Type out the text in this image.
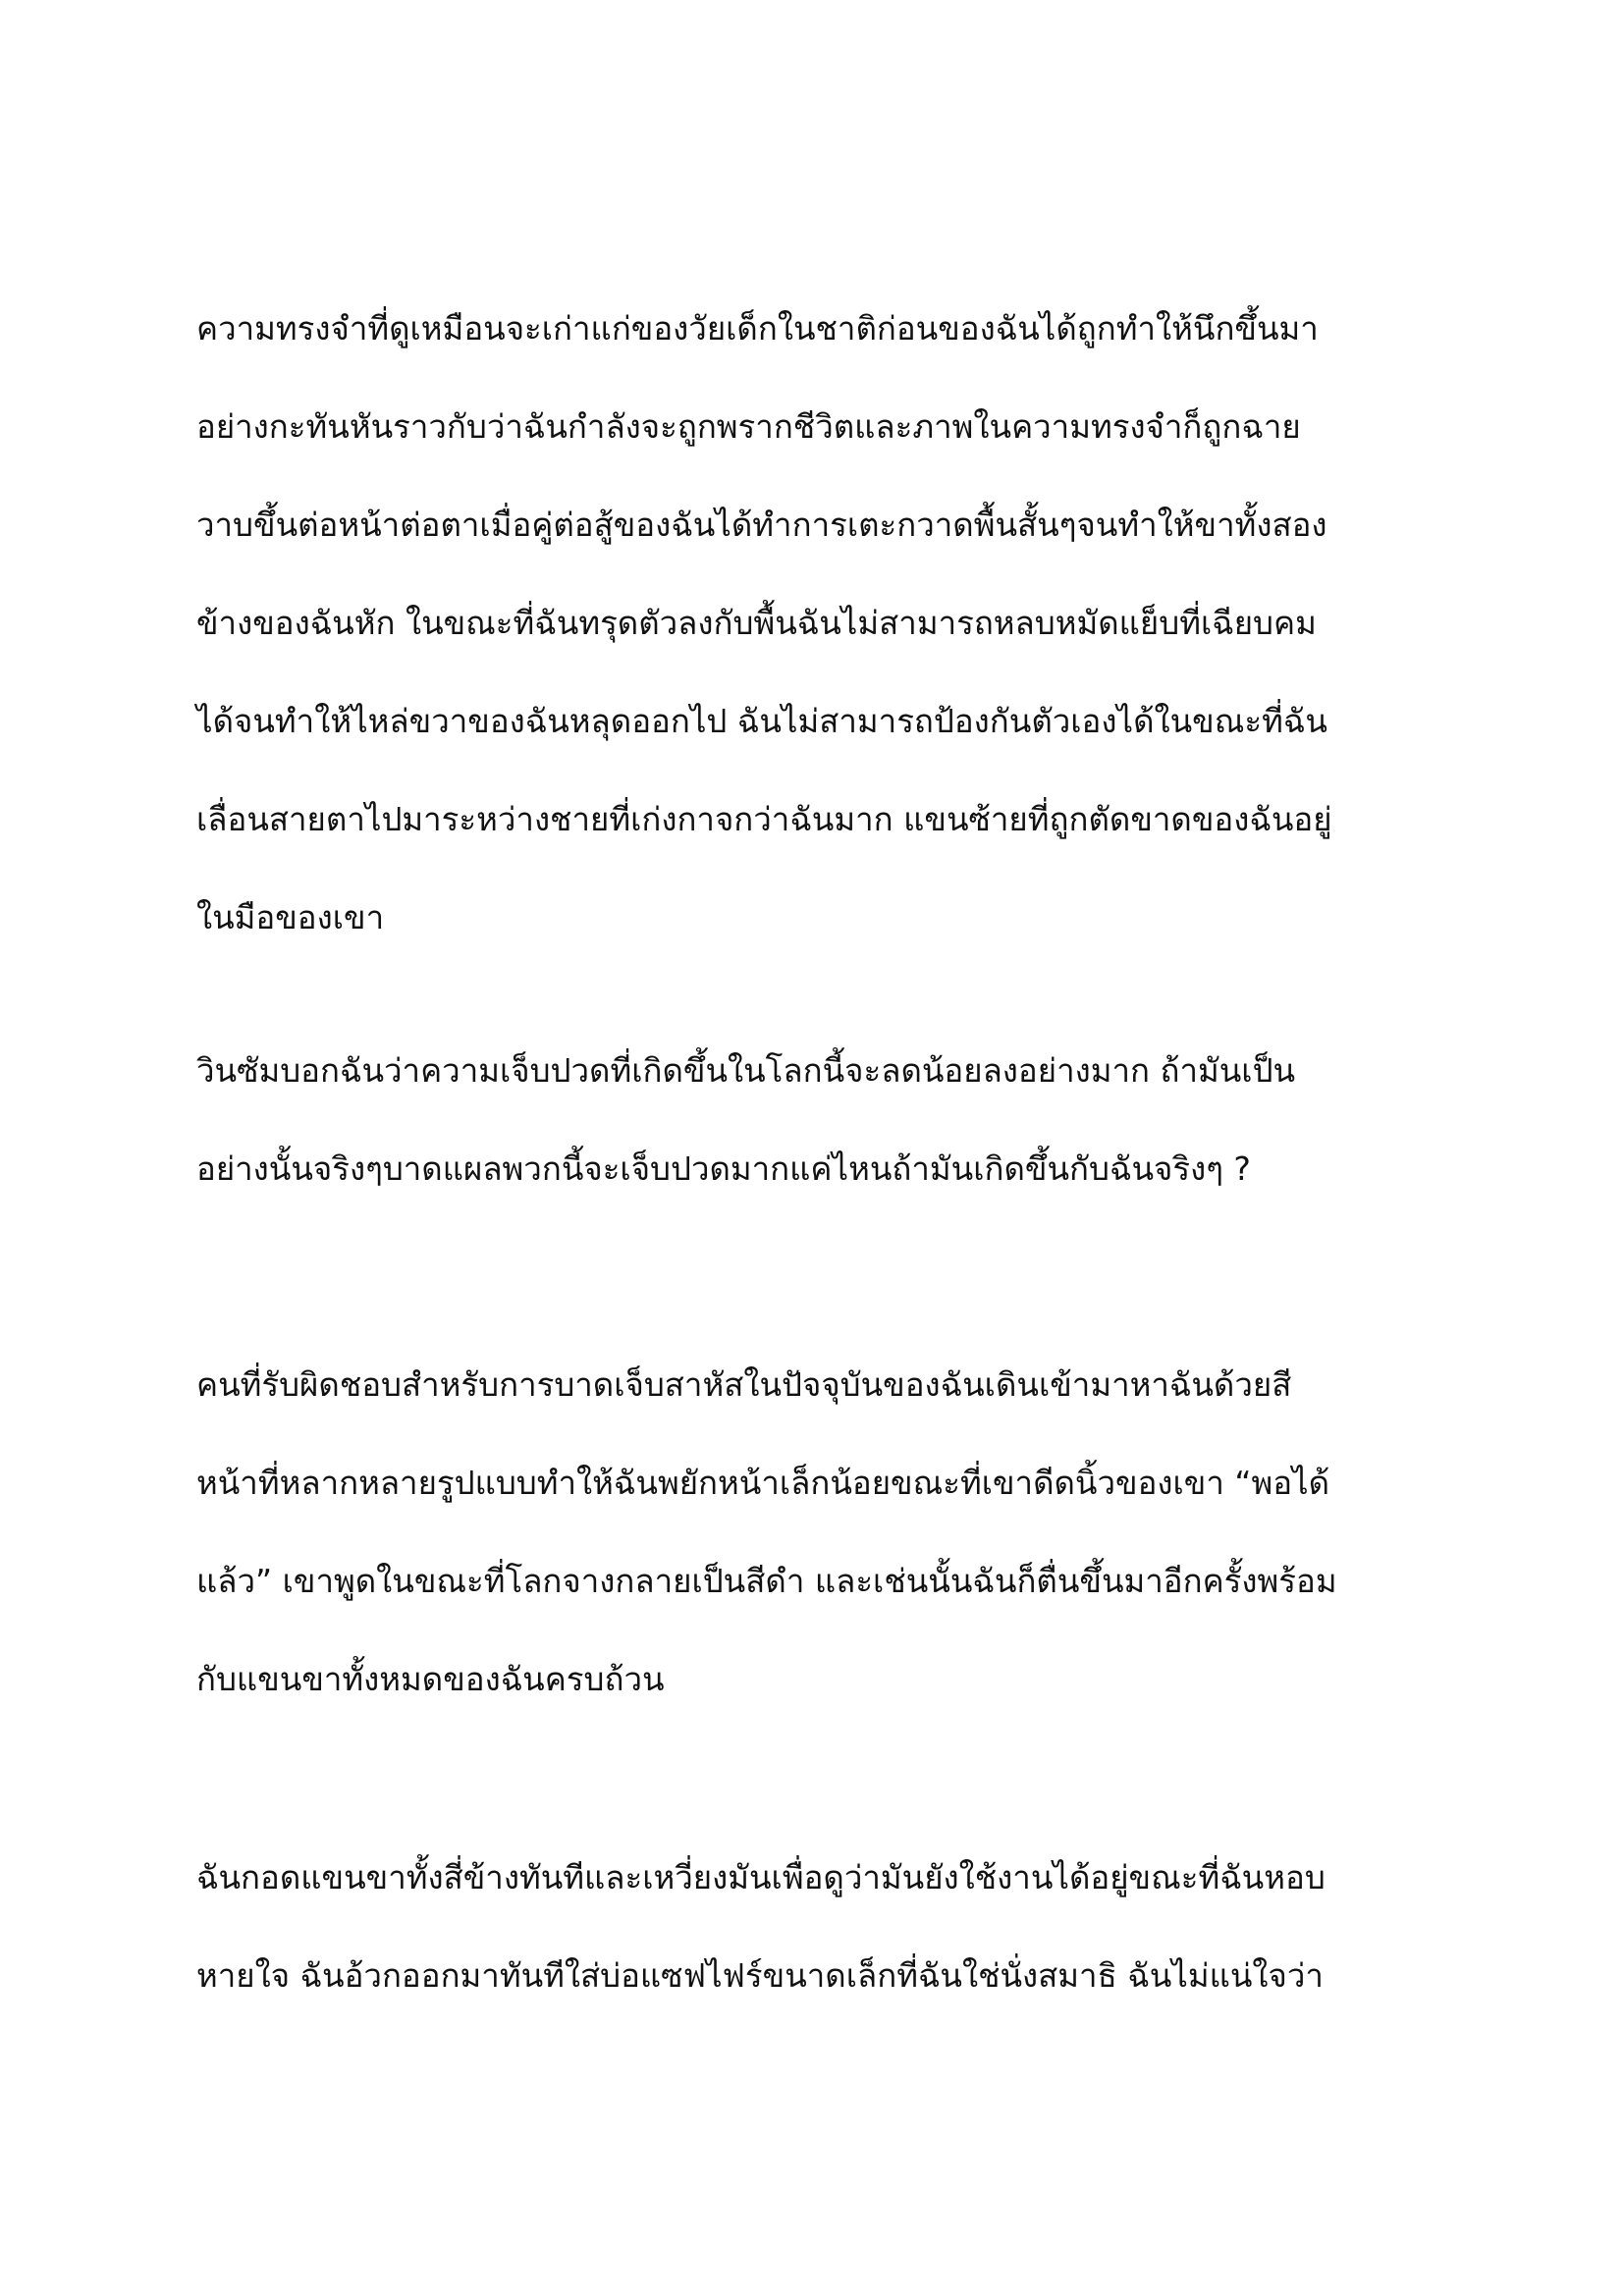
ความทรงจำที่ดูเหมือนจะเก่าแก่ของวัยเด็กในชาติก่อนของฉันได้ถูกทำให้นึกขึ้นมา
อย่างกะทันหันราวกับว่าฉันกำลังจะถูกพรากชีวิตและภาพในความทรงจำก็ถูกฉาย
วาบขึ้นต่อหน้าต่อตาเมื่อคู่ต่อสู้ของฉันได้ทำการเตะกวาดพื้นสั้นๆจนทำให้ขาทั้งสอง
ข้างของฉันหัก ในขณะที่ฉันทรุดตัวลงกับพื้นฉันไม่สามารถหลบหมัดแย็บที่เฉียบคม
ได้จนทำให้ไหล่ขวาของฉันหลุดออกไป ฉันไม่สามารถป้องกันตัวเองได้ในขณะที่ฉัน
เลื่อนสายตาไปมาระหว่างชายที่เก่งกาจกว่าฉันมาก แขนซ้ายที่ถูกตัดขาดของฉันอยู่
ในมือของเขา
วินซัมบอกฉันว่าความเจ็บปวดที่เกิดขึ้นในโลกนี้จะลดน้อยลงอย่างมาก ถ้ามันเป็น
อย่างนั้นจริงๆบาดแผลพวกนี้จะเจ็บปวดมากแค่ไหนถ้ามันเกิดขึ้นกับฉันจริงๆ ?
คนที่รับผิดชอบสำหรับการบาดเจ็บสาหัสในปัจจุบันของฉันเดินเข้ามาหาฉันด้วยสี
หน้าที่หลากหลายรูปแบบทำให้ฉันพยักหน้าเล็กน้อยขณะที่เขาดีดนิ้วของเขา “พอได้
แล้ว” เขาพูดในขณะที่โลกจางกลายเป็นสีดำ และเช่นนั้นฉันก็ตื่นขึ้นมาอีกครั้งพร้อม
กับแขนขาทั้งหมดของฉันครบถ้วน
ฉันกอดแขนขาทั้งสี่ข้างทันทีและเหวี่ยงมันเพื่อดูว่ามันยังใช้งานได้อยู่ขณะที่ฉันหอบ
หายใจ ฉันอ้วกออกมาทันทีใส่บ่อแซฟไฟร์ขนาดเล็กที่ฉันใช่นั่งสมาธิ ฉันไม่แน่ใจว่า
